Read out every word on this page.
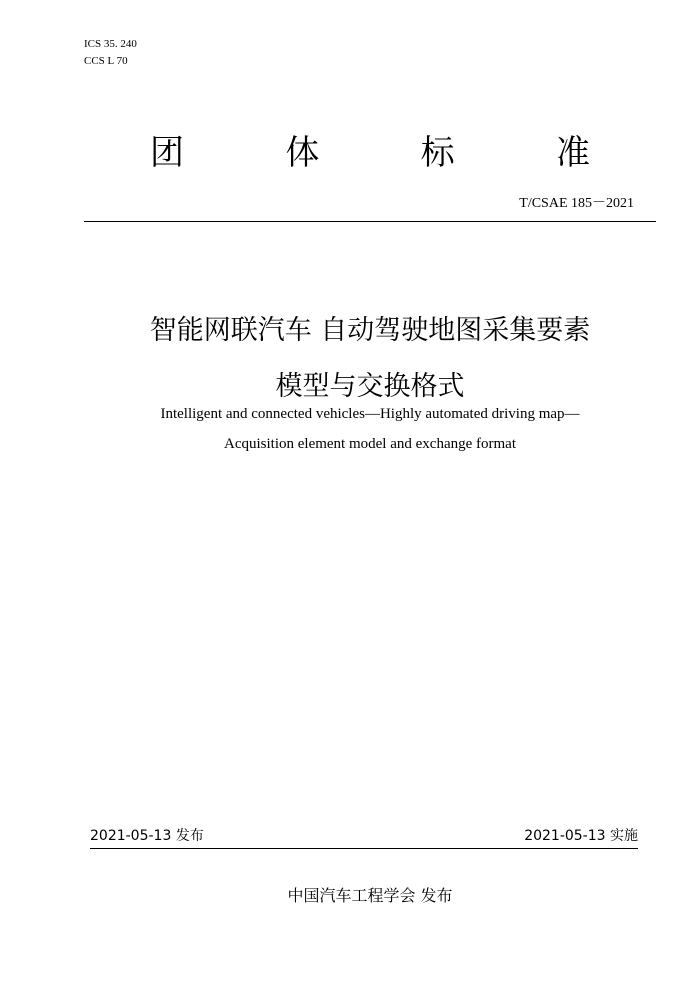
ICS 35. 240
CCS L 70
团	体	标	准
T/CSAE 185－2021
智能网联汽车 自动驾驶地图采集要素
模型与交换格式
Intelligent and connected vehicles—Highly automated driving map—
Acquisition element model and exchange format
2021-05-13 发布	2021-05-13 实施
中国汽车工程学会 发布
